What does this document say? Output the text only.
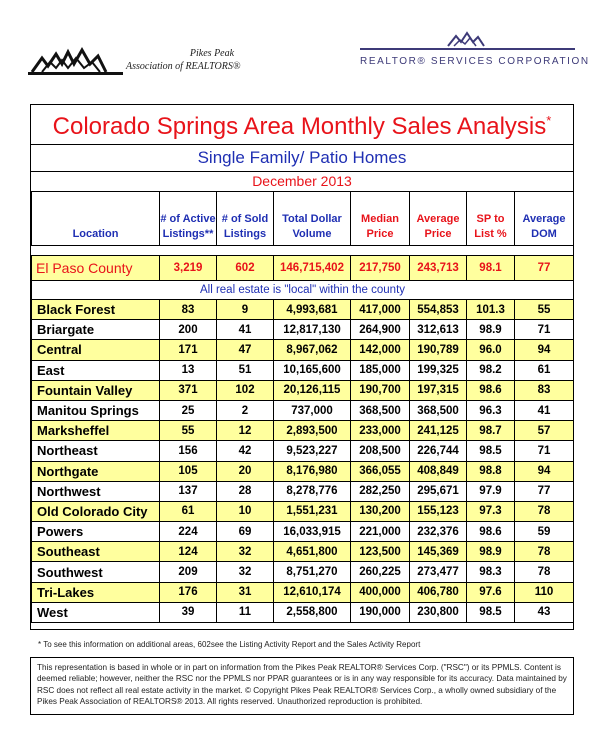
Pikes Peak
Association of REALTORS®	REALTOR® SERVICES CORPORATION
Colorado Springs Area Monthly Sales Analysis*
Single Family/ Patio Homes
December 2013
Location	# of Active Listings**	# of Sold Listings	Total Dollar Volume	Median Price	Average Price	SP to List %	Average DOM

El Paso County	3,219	602	146,715,402	217,750	243,713	98.1	77
All real estate is "local" within the county							
Black Forest	83	9	4,993,681	417,000	554,853	101.3	55
Briargate	200	41	12,817,130	264,900	312,613	98.9	71
Central	171	47	8,967,062	142,000	190,789	96.0	94
East	13	51	10,165,600	185,000	199,325	98.2	61
Fountain Valley	371	102	20,126,115	190,700	197,315	98.6	83
Manitou Springs	25	2	737,000	368,500	368,500	96.3	41
Marksheffel	55	12	2,893,500	233,000	241,125	98.7	57
Northeast	156	42	9,523,227	208,500	226,744	98.5	71
Northgate	105	20	8,176,980	366,055	408,849	98.8	94
Northwest	137	28	8,278,776	282,250	295,671	97.9	77
Old Colorado City	61	10	1,551,231	130,200	155,123	97.3	78
Powers	224	69	16,033,915	221,000	232,376	98.6	59
Southeast	124	32	4,651,800	123,500	145,369	98.9	78
Southwest	209	32	8,751,270	260,225	273,477	98.3	78
Tri-Lakes	176	31	12,610,174	400,000	406,780	97.6	110
West	39	11	2,558,800	190,000	230,800	98.5	43
* To see this information on additional areas, 602see the Listing Activity Report and the Sales Activity Report
This representation is based in whole or in part on information from the Pikes Peak REALTOR® Services Corp. ("RSC") or its PPMLS. Content is deemed reliable; however, neither the RSC nor the PPMLS nor PPAR guarantees or is in any way responsible for its accuracy. Data maintained by RSC does not reflect all real estate activity in the market. © Copyright Pikes Peak REALTOR® Services Corp., a wholly owned subsidiary of the Pikes Peak Association of REALTORS® 2013. All rights reserved. Unauthorized reproduction is prohibited.
